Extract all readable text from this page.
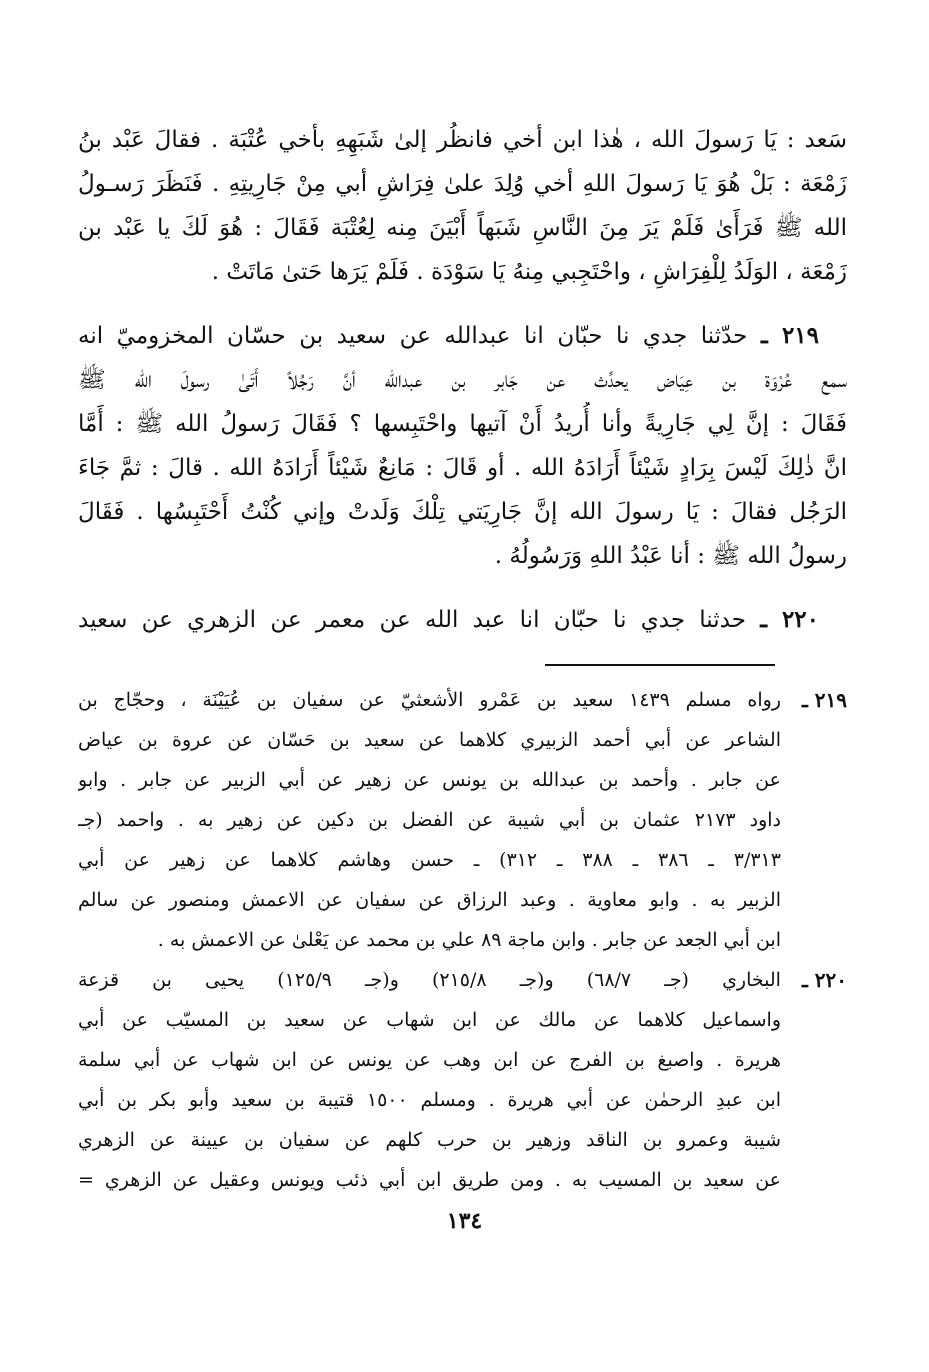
سَعد : يَا رَسولَ الله ، هٰذا ابن أخي فانظُر إلىٰ شَبَهِهِ بأخي عُتْبَة . فقالَ عَبْد بنُ
زَمْعَة : بَلْ هُوَ يَا رَسولَ اللهِ أخي وُلِدَ علىٰ فِرَاشِ أبي مِنْ جَارِيتِهِ . فَنَظَرَ رَسـولُ
الله ﷺ فَرَأَىٰ فَلَمْ يَرَ مِنَ النَّاسِ شَبَهاً أَبْيَنَ مِنه لِعُتْبَة فَقَالَ : هُوَ لَكَ يا عَبْد بن
زَمْعَة ، الوَلَدُ لِلْفِرَاشِ ، واحْتَجِبي مِنهُ يَا سَوْدَة . فَلَمْ يَرَها حَتىٰ مَاتَتْ .
٢١٩ ـ حدّثنا جدي نا حبّان انا عبدالله عن سعيد بن حسّان المخزوميّ انه
سمع عُرْوَة بن عِيَاض يحدِّث عن جَابر بن عبدالله أنَّ رَجُلاً أَتَىٰ رسولَ الله ﷺ
فَقَالَ : إنَّ لِي جَارِيةً وأنا أُريدُ أَنْ آتيها واحْتَبِسها ؟ فَقَالَ رَسولُ الله ﷺ : أَمَّا
انَّ ذٰلِكَ لَيْسَ بِرَادٍ شَيْئاً أَرَادَهُ الله . أو قَالَ : مَانِعٌ شَيْئاً أَرَادَهُ الله . قالَ : ثمَّ جَاءَ
الرَجُل فقالَ : يَا رسولَ الله إنَّ جَارِيَتي تِلْكَ وَلَدتْ وإني كُنْتُ أَحْتَبِسُها . فَقَالَ
رسولُ الله ﷺ : أنا عَبْدُ اللهِ وَرَسُولُهُ .
٢٢٠ ـ حدثنا جدي نا حبّان انا عبد الله عن معمر عن الزهري عن سعيد
٢١٩ ـ
رواه مسلم ١٤٣٩ سعيد بن عَمْرو الأشعثيّ عن سفيان بن عُيَيْنَة ، وحجّاج بن
الشاعر عن أبي أحمد الزبيري كلاهما عن سعيد بن حَسّان عن عروة بن عياض
عن جابر . وأحمد بن عبدالله بن يونس عن زهير عن أبي الزبير عن جابر . وابو
داود ٢١٧٣ عثمان بن أبي شيبة عن الفضل بن دكين عن زهير به . واحمد (جـ
٣/٣١٣ ـ ٣٨٦ ـ ٣٨٨ ـ ٣١٢) ـ حسن وهاشم كلاهما عن زهير عن أبي
الزبير به . وابو معاوية . وعبد الرزاق عن سفيان عن الاعمش ومنصور عن سالم
ابن أبي الجعد عن جابر . وابن ماجة ٨٩ علي بن محمد عن يَعْلىٰ عن الاعمش به .
٢٢٠ ـ
البخاري (جـ ٦٨/٧) و(جـ ٢١٥/٨) و(جـ ١٢٥/٩) يحيى بن قزعة
واسماعيل كلاهما عن مالك عن ابن شهاب عن سعيد بن المسيّب عن أبي
هريرة . واصبغ بن الفرج عن ابن وهب عن يونس عن ابن شهاب عن أبي سلمة
ابن عبدِ الرحمٰن عن أبي هريرة . ومسلم ١٥٠٠ قتيبة بن سعيد وأبو بكر بن أبي
شيبة وعمرو بن الناقد وزهير بن حرب كلهم عن سفيان بن عيينة عن الزهري
عن سعيد بن المسيب به . ومن طريق ابن أبي ذئب ويونس وعقيل عن الزهري =
١٣٤
